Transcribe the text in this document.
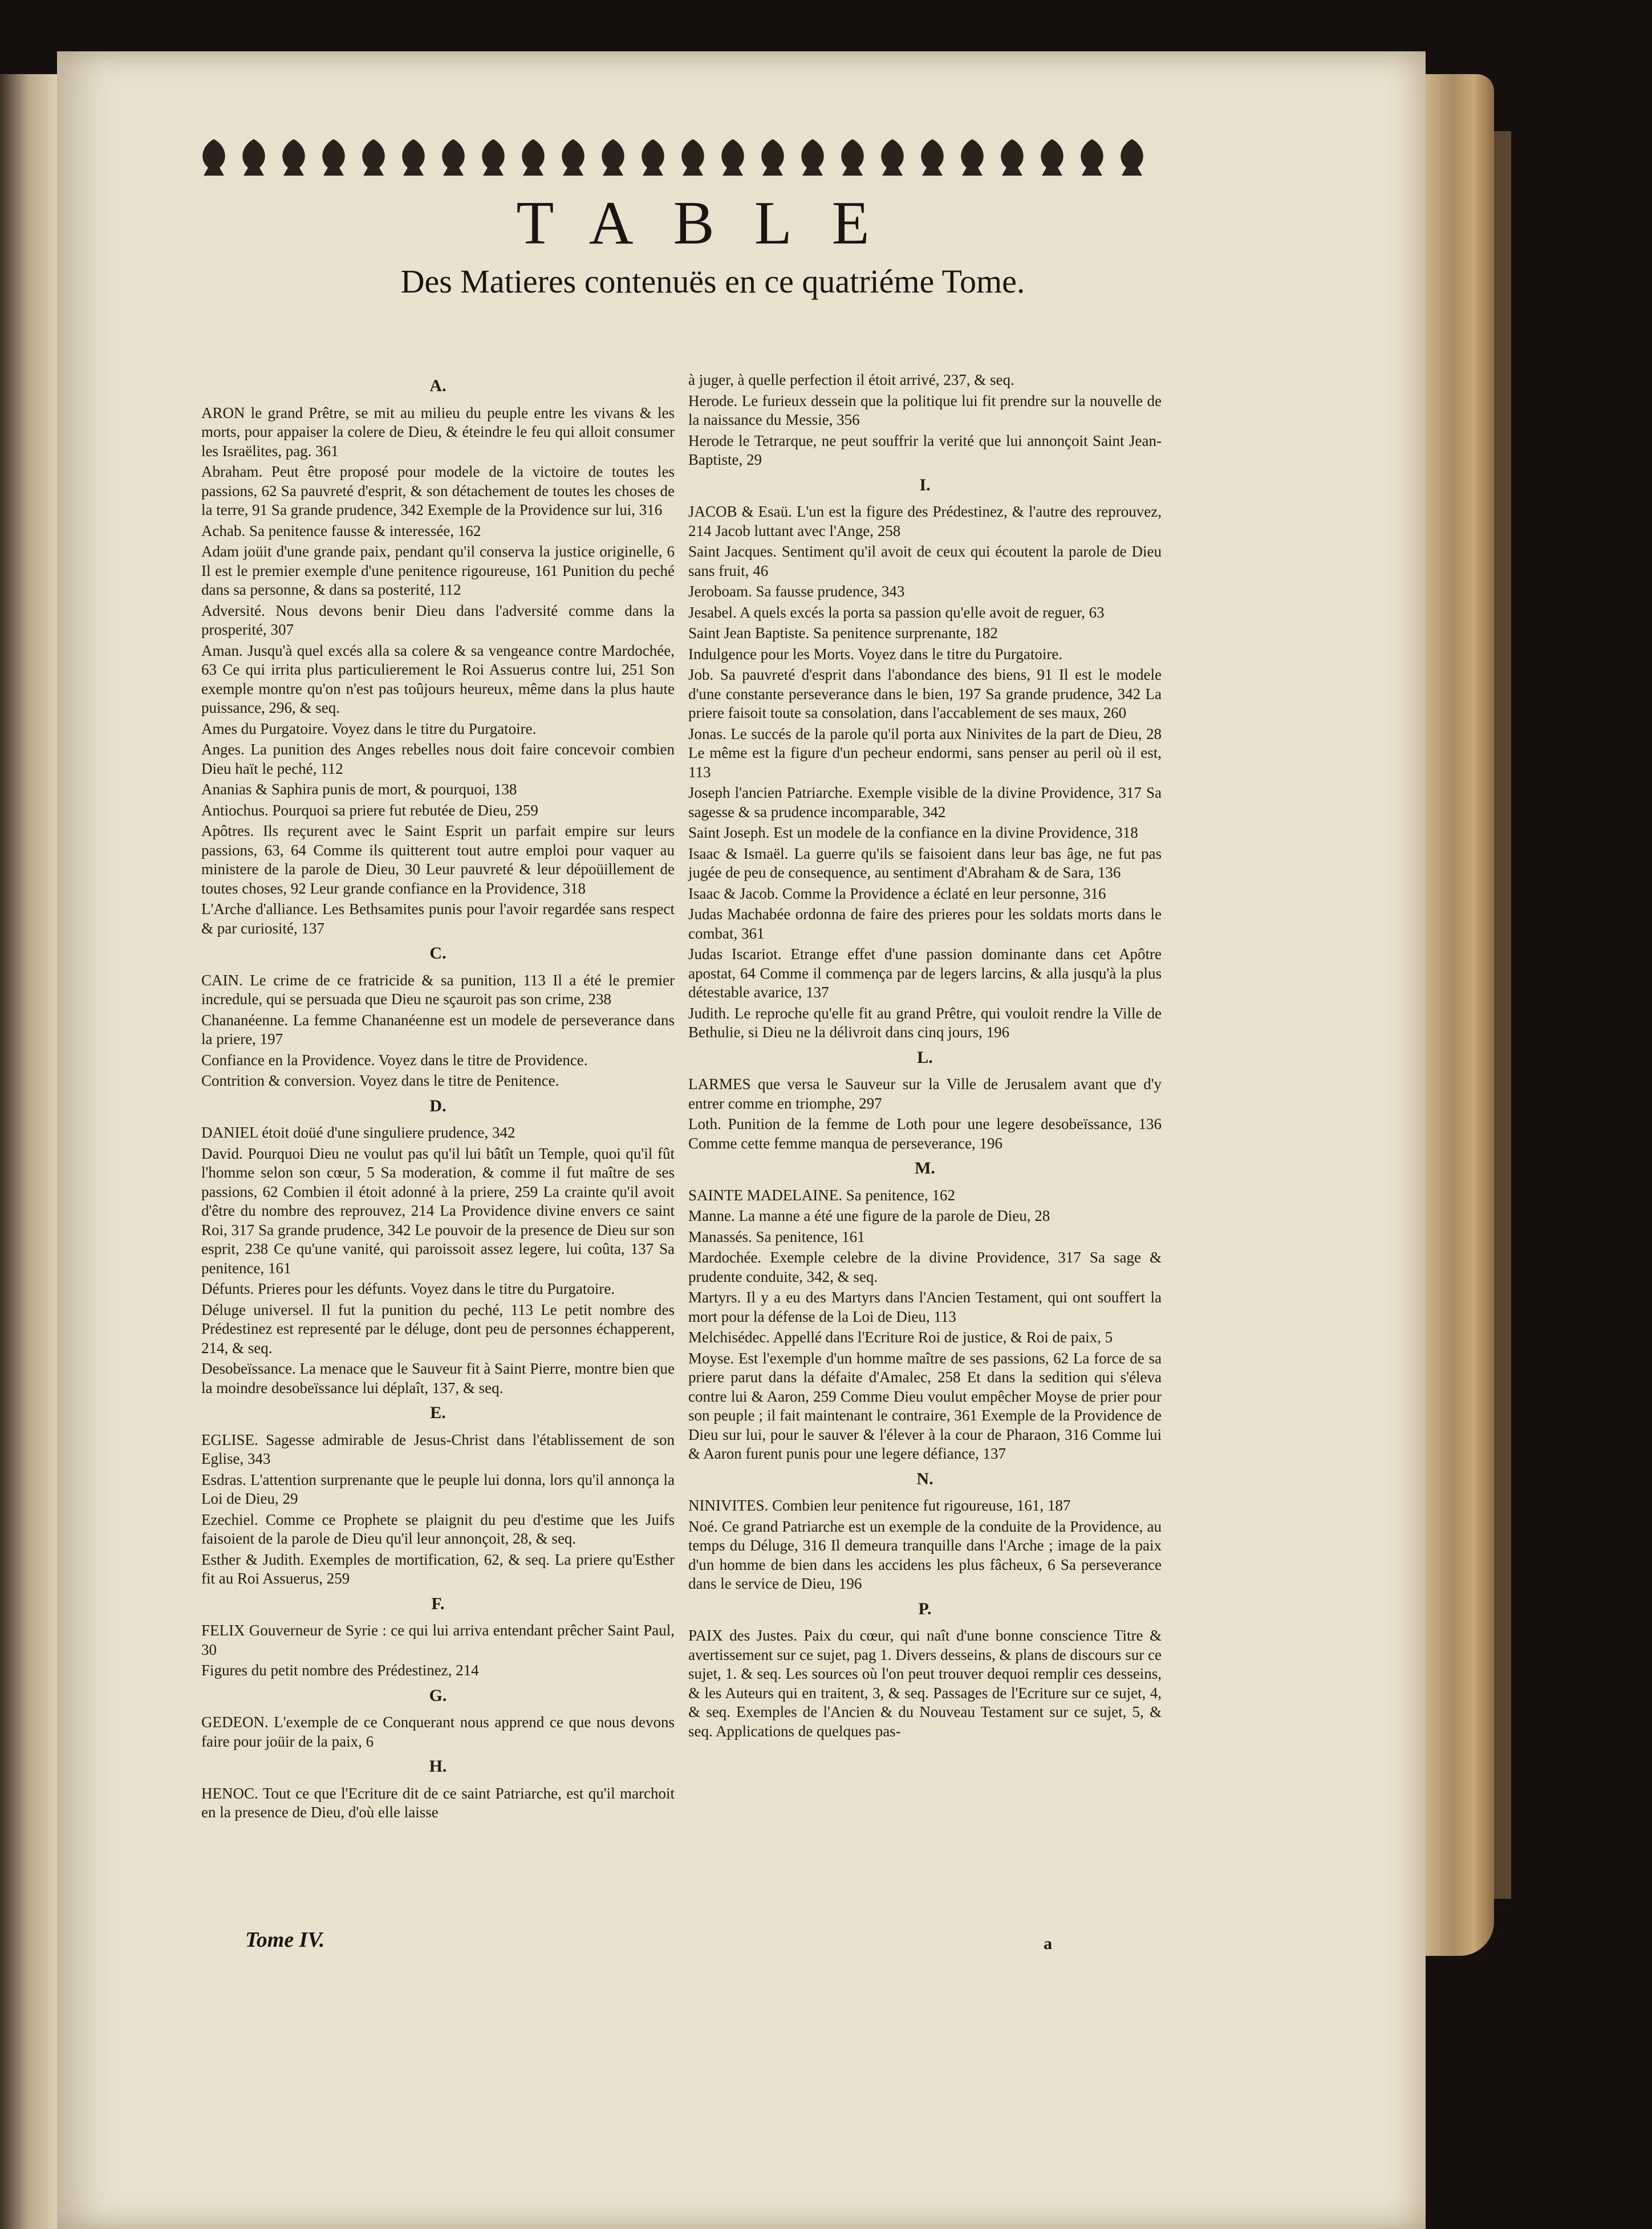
TABLE
Des Matieres contenuës en ce quatriéme Tome.
A.
ARON le grand Prêtre, se mit au milieu du peuple entre les vivans & les morts, pour appaiser la colere de Dieu, & éteindre le feu qui alloit consumer les Israëlites, pag. 361
Abraham. Peut être proposé pour modele de la victoire de toutes les passions, 62 Sa pauvreté d'esprit, & son détachement de toutes les choses de la terre, 91 Sa grande prudence, 342 Exemple de la Providence sur lui, 316
Achab. Sa penitence fausse & interessée, 162
Adam joüit d'une grande paix, pendant qu'il conserva la justice originelle, 6 Il est le premier exemple d'une penitence rigoureuse, 161 Punition du peché dans sa personne, & dans sa posterité, 112
Adversité. Nous devons benir Dieu dans l'adversité comme dans la prosperité, 307
Aman. Jusqu'à quel excés alla sa colere & sa vengeance contre Mardochée, 63 Ce qui irrita plus particulierement le Roi Assuerus contre lui, 251 Son exemple montre qu'on n'est pas toûjours heureux, même dans la plus haute puissance, 296, & seq.
Ames du Purgatoire. Voyez dans le titre du Purgatoire.
Anges. La punition des Anges rebelles nous doit faire concevoir combien Dieu haït le peché, 112
Ananias & Saphira punis de mort, & pourquoi, 138
Antiochus. Pourquoi sa priere fut rebutée de Dieu, 259
Apôtres. Ils reçurent avec le Saint Esprit un parfait empire sur leurs passions, 63, 64 Comme ils quitterent tout autre emploi pour vaquer au ministere de la parole de Dieu, 30 Leur pauvreté & leur dépoüillement de toutes choses, 92 Leur grande confiance en la Providence, 318
L'Arche d'alliance. Les Bethsamites punis pour l'avoir regardée sans respect & par curiosité, 137
C.
CAIN. Le crime de ce fratricide & sa punition, 113 Il a été le premier incredule, qui se persuada que Dieu ne sçauroit pas son crime, 238
Chananéenne. La femme Chananéenne est un modele de perseverance dans la priere, 197
Confiance en la Providence. Voyez dans le titre de Providence.
Contrition & conversion. Voyez dans le titre de Penitence.
D.
DANIEL étoit doüé d'une singuliere prudence, 342
David. Pourquoi Dieu ne voulut pas qu'il lui bâtît un Temple, quoi qu'il fût l'homme selon son cœur, 5 Sa moderation, & comme il fut maître de ses passions, 62 Combien il étoit adonné à la priere, 259 La crainte qu'il avoit d'être du nombre des reprouvez, 214 La Providence divine envers ce saint Roi, 317 Sa grande prudence, 342 Le pouvoir de la presence de Dieu sur son esprit, 238 Ce qu'une vanité, qui paroissoit assez legere, lui coûta, 137 Sa penitence, 161
Défunts. Prieres pour les défunts. Voyez dans le titre du Purgatoire.
Déluge universel. Il fut la punition du peché, 113 Le petit nombre des Prédestinez est representé par le déluge, dont peu de personnes échapperent, 214, & seq.
Desobeïssance. La menace que le Sauveur fit à Saint Pierre, montre bien que la moindre desobeïssance lui déplaît, 137, & seq.
E.
EGLISE. Sagesse admirable de Jesus-Christ dans l'établissement de son Eglise, 343
Esdras. L'attention surprenante que le peuple lui donna, lors qu'il annonça la Loi de Dieu, 29
Ezechiel. Comme ce Prophete se plaignit du peu d'estime que les Juifs faisoient de la parole de Dieu qu'il leur annonçoit, 28, & seq.
Esther & Judith. Exemples de mortification, 62, & seq. La priere qu'Esther fit au Roi Assuerus, 259
F.
FELIX Gouverneur de Syrie : ce qui lui arriva entendant prêcher Saint Paul, 30
Figures du petit nombre des Prédestinez, 214
G.
GEDEON. L'exemple de ce Conquerant nous apprend ce que nous devons faire pour joüir de la paix, 6
H.
HENOC. Tout ce que l'Ecriture dit de ce saint Patriarche, est qu'il marchoit en la presence de Dieu, d'où elle laisse
à juger, à quelle perfection il étoit arrivé, 237, & seq.
Herode. Le furieux dessein que la politique lui fit prendre sur la nouvelle de la naissance du Messie, 356
Herode le Tetrarque, ne peut souffrir la verité que lui annonçoit Saint Jean-Baptiste, 29
I.
JACOB & Esaü. L'un est la figure des Prédestinez, & l'autre des reprouvez, 214 Jacob luttant avec l'Ange, 258
Saint Jacques. Sentiment qu'il avoit de ceux qui écoutent la parole de Dieu sans fruit, 46
Jeroboam. Sa fausse prudence, 343
Jesabel. A quels excés la porta sa passion qu'elle avoit de reguer, 63
Saint Jean Baptiste. Sa penitence surprenante, 182
Indulgence pour les Morts. Voyez dans le titre du Purgatoire.
Job. Sa pauvreté d'esprit dans l'abondance des biens, 91 Il est le modele d'une constante perseverance dans le bien, 197 Sa grande prudence, 342 La priere faisoit toute sa consolation, dans l'accablement de ses maux, 260
Jonas. Le succés de la parole qu'il porta aux Ninivites de la part de Dieu, 28 Le même est la figure d'un pecheur endormi, sans penser au peril où il est, 113
Joseph l'ancien Patriarche. Exemple visible de la divine Providence, 317 Sa sagesse & sa prudence incomparable, 342
Saint Joseph. Est un modele de la confiance en la divine Providence, 318
Isaac & Ismaël. La guerre qu'ils se faisoient dans leur bas âge, ne fut pas jugée de peu de consequence, au sentiment d'Abraham & de Sara, 136
Isaac & Jacob. Comme la Providence a éclaté en leur personne, 316
Judas Machabée ordonna de faire des prieres pour les soldats morts dans le combat, 361
Judas Iscariot. Etrange effet d'une passion dominante dans cet Apôtre apostat, 64 Comme il commença par de legers larcins, & alla jusqu'à la plus détestable avarice, 137
Judith. Le reproche qu'elle fit au grand Prêtre, qui vouloit rendre la Ville de Bethulie, si Dieu ne la délivroit dans cinq jours, 196
L.
LARMES que versa le Sauveur sur la Ville de Jerusalem avant que d'y entrer comme en triomphe, 297
Loth. Punition de la femme de Loth pour une legere desobeïssance, 136 Comme cette femme manqua de perseverance, 196
M.
SAINTE MADELAINE. Sa penitence, 162
Manne. La manne a été une figure de la parole de Dieu, 28
Manassés. Sa penitence, 161
Mardochée. Exemple celebre de la divine Providence, 317 Sa sage & prudente conduite, 342, & seq.
Martyrs. Il y a eu des Martyrs dans l'Ancien Testament, qui ont souffert la mort pour la défense de la Loi de Dieu, 113
Melchisédec. Appellé dans l'Ecriture Roi de justice, & Roi de paix, 5
Moyse. Est l'exemple d'un homme maître de ses passions, 62 La force de sa priere parut dans la défaite d'Amalec, 258 Et dans la sedition qui s'éleva contre lui & Aaron, 259 Comme Dieu voulut empêcher Moyse de prier pour son peuple ; il fait maintenant le contraire, 361 Exemple de la Providence de Dieu sur lui, pour le sauver & l'élever à la cour de Pharaon, 316 Comme lui & Aaron furent punis pour une legere défiance, 137
N.
NINIVITES. Combien leur penitence fut rigoureuse, 161, 187
Noé. Ce grand Patriarche est un exemple de la conduite de la Providence, au temps du Déluge, 316 Il demeura tranquille dans l'Arche ; image de la paix d'un homme de bien dans les accidens les plus fâcheux, 6 Sa perseverance dans le service de Dieu, 196
P.
PAIX des Justes. Paix du cœur, qui naît d'une bonne conscience Titre & avertissement sur ce sujet, pag 1. Divers desseins, & plans de discours sur ce sujet, 1. & seq. Les sources où l'on peut trouver dequoi remplir ces desseins, & les Auteurs qui en traitent, 3, & seq. Passages de l'Ecriture sur ce sujet, 4, & seq. Exemples de l'Ancien & du Nouveau Testament sur ce sujet, 5, & seq. Applications de quelques pas-
Tome IV.	a
